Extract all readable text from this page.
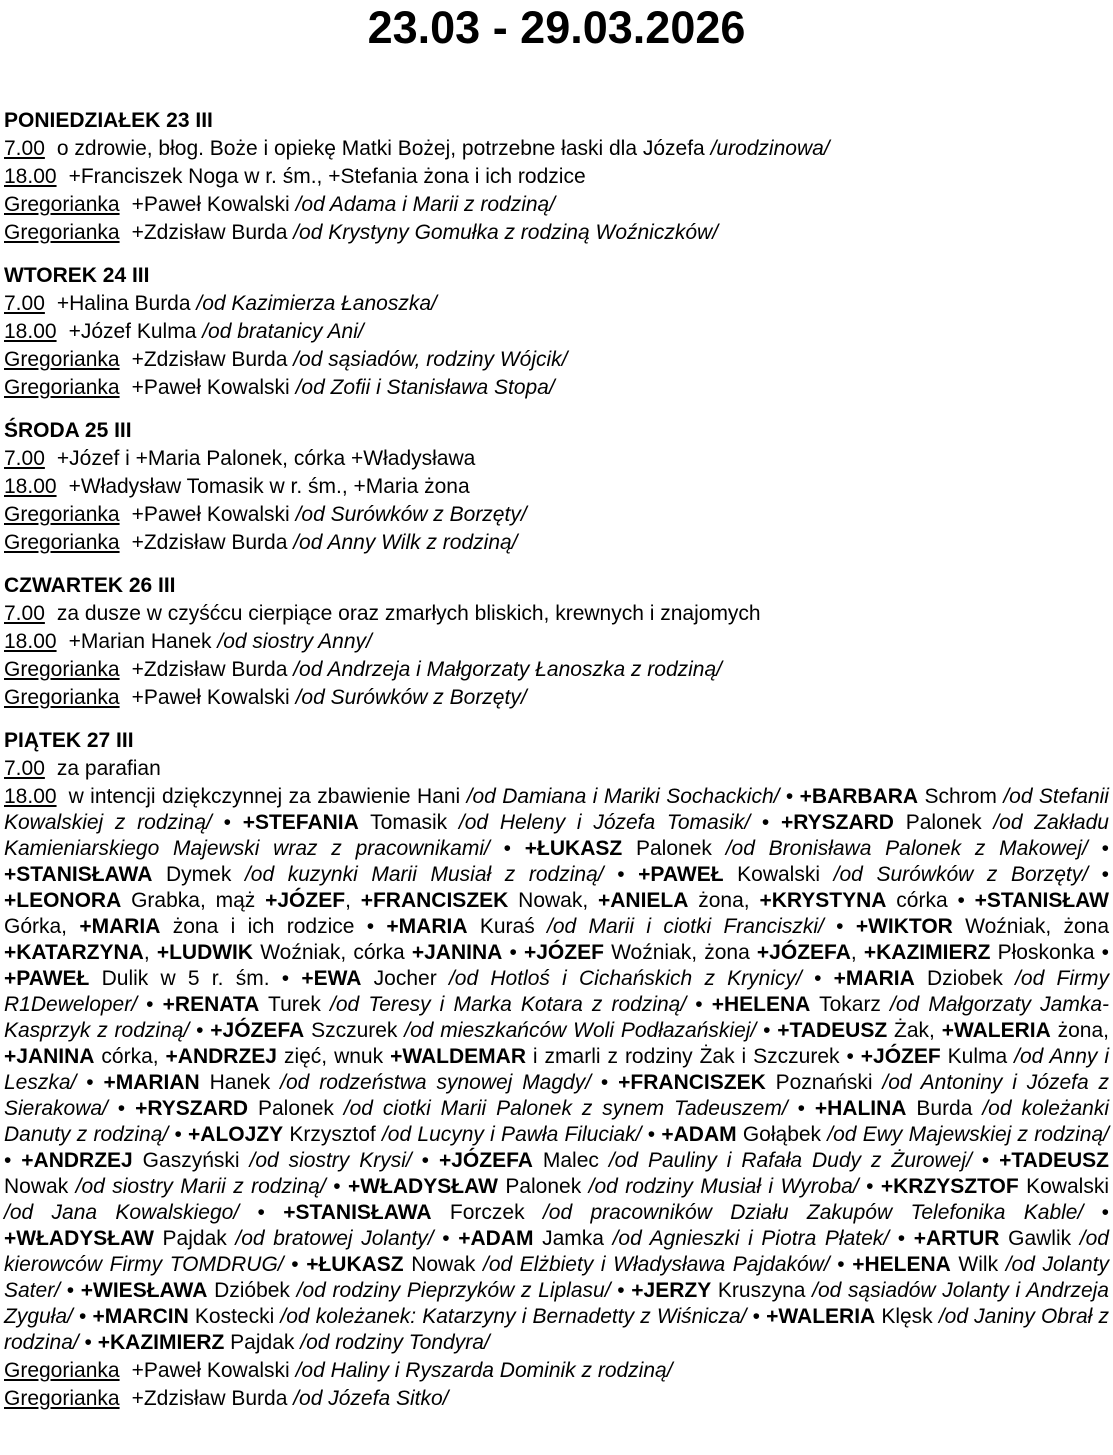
23.03 - 29.03.2026
PONIEDZIAŁEK 23 III

7.00 o zdrowie, błog. Boże i opiekę Matki Bożej, potrzebne łaski dla Józefa /urodzinowa/

18.00 +Franciszek Noga w r. śm., +Stefania żona i ich rodzice

Gregorianka +Paweł Kowalski /od Adama i Marii z rodziną/

Gregorianka +Zdzisław Burda /od Krystyny Gomułka z rodziną Woźniczków/

WTOREK 24 III

7.00 +Halina Burda /od Kazimierza Łanoszka/

18.00 +Józef Kulma /od bratanicy Ani/

Gregorianka +Zdzisław Burda /od sąsiadów, rodziny Wójcik/

Gregorianka +Paweł Kowalski /od Zofii i Stanisława Stopa/

ŚRODA 25 III

7.00 +Józef i +Maria Palonek, córka +Władysława

18.00 +Władysław Tomasik w r. śm., +Maria żona

Gregorianka +Paweł Kowalski /od Surówków z Borzęty/

Gregorianka +Zdzisław Burda /od Anny Wilk z rodziną/

CZWARTEK 26 III

7.00 za dusze w czyśćcu cierpiące oraz zmarłych bliskich, krewnych i znajomych

18.00 +Marian Hanek /od siostry Anny/

Gregorianka +Zdzisław Burda /od Andrzeja i Małgorzaty Łanoszka z rodziną/

Gregorianka +Paweł Kowalski /od Surówków z Borzęty/

PIĄTEK 27 III

7.00 za parafian

18.00 w intencji dziękczynnej za zbawienie Hani /od Damiana i Mariki Sochackich/ • +BARBARA Schrom /od Stefanii Kowalskiej z rodziną/ • +STEFANIA Tomasik /od Heleny i Józefa Tomasik/ • +RYSZARD Palonek /od Zakładu Kamieniarskiego Majewski wraz z pracownikami/ • +ŁUKASZ Palonek /od Bronisława Palonek z Makowej/ • +STANISŁAWA Dymek /od kuzynki Marii Musiał z rodziną/ • +PAWEŁ Kowalski /od Surówków z Borzęty/ • +LEONORA Grabka, mąż +JÓZEF, +FRANCISZEK Nowak, +ANIELA żona, +KRYSTYNA córka • +STANISŁAW Górka, +MARIA żona i ich rodzice • +MARIA Kuraś /od Marii i ciotki Franciszki/ • +WIKTOR Woźniak, żona +KATARZYNA, +LUDWIK Woźniak, córka +JANINA • +JÓZEF Woźniak, żona +JÓZEFA, +KAZIMIERZ Płoskonka • +PAWEŁ Dulik w 5 r. śm. • +EWA Jocher /od Hotloś i Cichańskich z Krynicy/ • +MARIA Dziobek /od Firmy R1Deweloper/ • +RENATA Turek /od Teresy i Marka Kotara z rodziną/ • +HELENA Tokarz /od Małgorzaty Jamka-Kasprzyk z rodziną/ • +JÓZEFA Szczurek /od mieszkańców Woli Podłazańskiej/ • +TADEUSZ Żak, +WALERIA żona, +JANINA córka, +ANDRZEJ zięć, wnuk +WALDEMAR i zmarli z rodziny Żak i Szczurek • +JÓZEF Kulma /od Anny i Leszka/ • +MARIAN Hanek /od rodzeństwa synowej Magdy/ • +FRANCISZEK Poznański /od Antoniny i Józefa z Sierakowa/ • +RYSZARD Palonek /od ciotki Marii Palonek z synem Tadeuszem/ • +HALINA Burda /od koleżanki Danuty z rodziną/ • +ALOJZY Krzysztof /od Lucyny i Pawła Filuciak/ • +ADAM Gołąbek /od Ewy Majewskiej z rodziną/ • +ANDRZEJ Gaszyński /od siostry Krysi/ • +JÓZEFA Malec /od Pauliny i Rafała Dudy z Żurowej/ • +TADEUSZ Nowak /od siostry Marii z rodziną/ • +WŁADYSŁAW Palonek /od rodziny Musiał i Wyroba/ • +KRZYSZTOF Kowalski /od Jana Kowalskiego/ • +STANISŁAWA Forczek /od pracowników Działu Zakupów Telefonika Kable/ • +WŁADYSŁAW Pajdak /od bratowej Jolanty/ • +ADAM Jamka /od Agnieszki i Piotra Płatek/ • +ARTUR Gawlik /od kierowców Firmy TOMDRUG/ • +ŁUKASZ Nowak /od Elżbiety i Władysława Pajdaków/ • +HELENA Wilk /od Jolanty Sater/ • +WIESŁAWA Dzióbek /od rodziny Pieprzyków z Liplasu/ • +JERZY Kruszyna /od sąsiadów Jolanty i Andrzeja Zyguła/ • +MARCIN Kostecki /od koleżanek: Katarzyny i Bernadetty z Wiśnicza/ • +WALERIA Klęsk /od Janiny Obrał z rodzina/ • +KAZIMIERZ Pajdak /od rodziny Tondyra/

Gregorianka +Paweł Kowalski /od Haliny i Ryszarda Dominik z rodziną/

Gregorianka +Zdzisław Burda /od Józefa Sitko/
